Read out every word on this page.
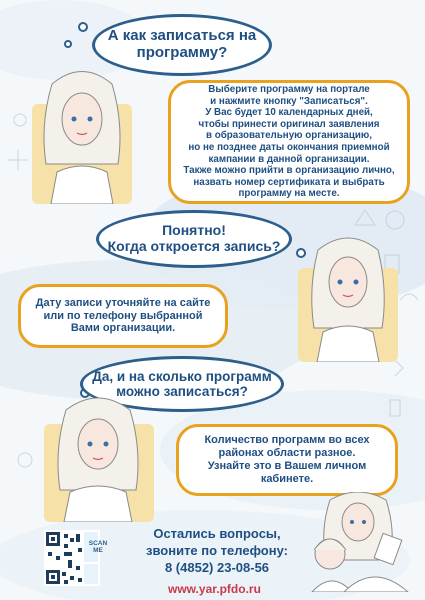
А как записаться на
программу?
Выберите программу на портале
и нажмите кнопку "Записаться".
У Вас будет 10 календарных дней,
чтобы принести оригинал заявления
в образовательную организацию,
но не позднее даты окончания приемной
кампании в данной организации.
Также можно прийти в организацию лично,
назвать номер сертификата и выбрать
программу на месте.
Понятно!
Когда откроется запись?
Дату записи уточняйте на сайте
или по телефону выбранной
Вами организации.
Да, и на сколько программ
можно записаться?
Количество программ во всех
районах области разное.
Узнайте это в Вашем личном
кабинете.
SCAN ME
Остались вопросы,
звоните по телефону:
8 (4852) 23-08-56
www.yar.pfdo.ru
